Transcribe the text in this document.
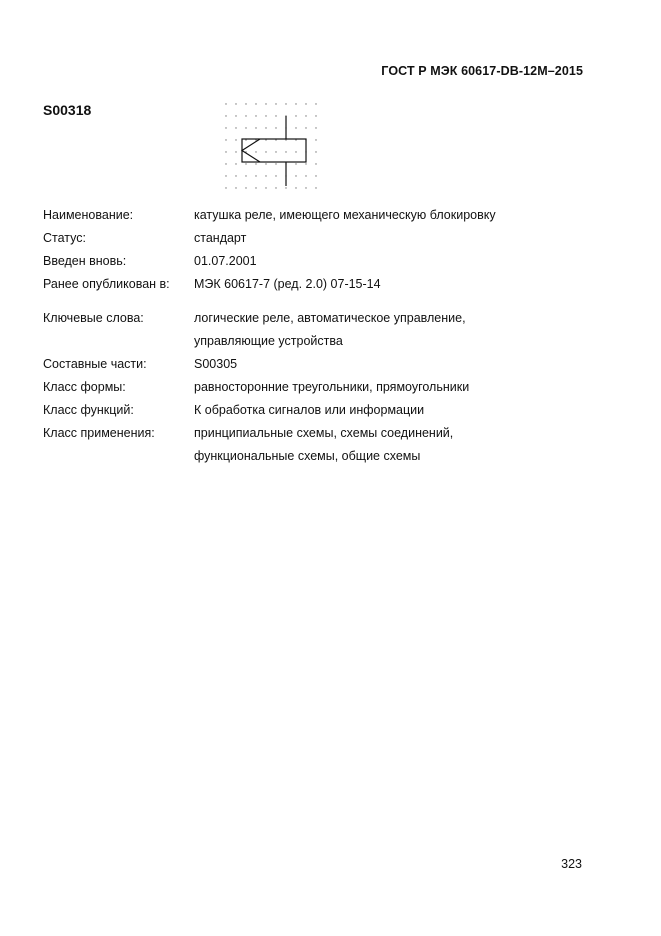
ГОСТ Р МЭК 60617-DB-12M–2015
S00318
Наименование:	катушка реле, имеющего механическую блокировку
Статус:	стандарт
Введен вновь:	01.07.2001
Ранее опубликован в:	МЭК 60617-7 (ред. 2.0) 07-15-14
Ключевые слова:	логические реле, автоматическое управление,
управляющие устройства
Составные части:	S00305
Класс формы:	равносторонние треугольники, прямоугольники
Класс функций:	К обработка сигналов или информации
Класс применения:	принципиальные схемы, схемы соединений,
функциональные схемы, общие схемы
323
